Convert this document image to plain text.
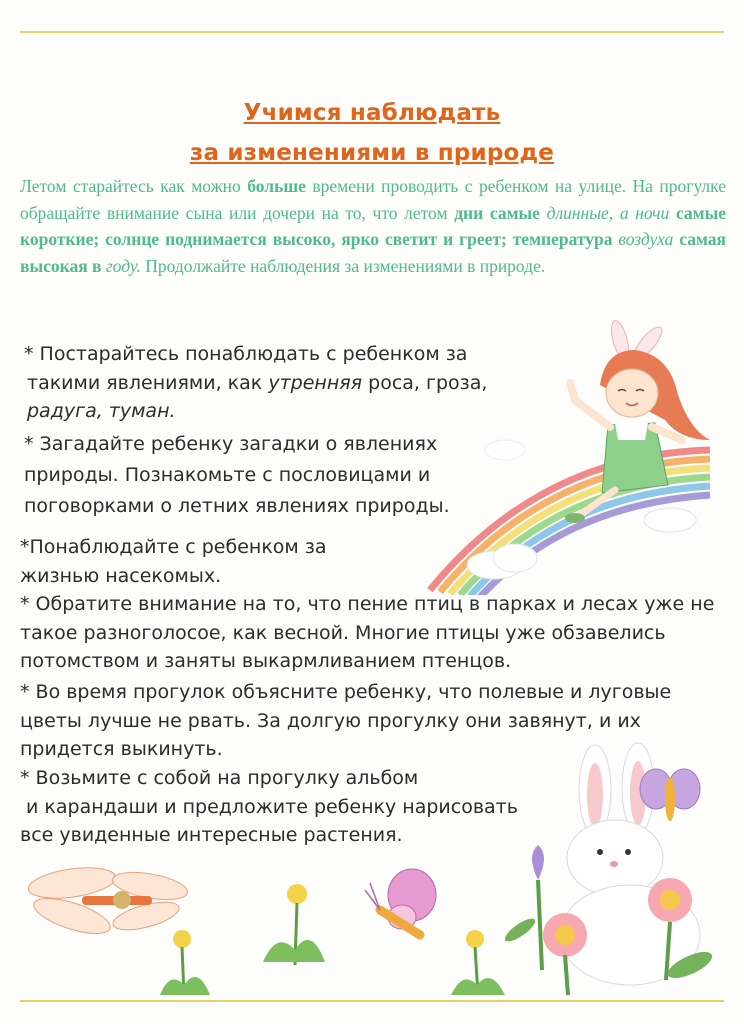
Учимся наблюдать
за изменениями в природе

Летом старайтесь как можно больше времени проводить с ребенком на улице. На прогулке обращайте внимание сына или дочери на то, что летом дни самые длинные, а ночи самые короткие; солнце поднимается высоко, ярко светит и греет; температура воздуха самая высокая в году. Продолжайте наблюдения за изменениями в природе.

* Постарайтесь понаблюдать с ребенком за
такими явлениями, как утренняя роса, гроза,
радуга, туман.

* Загадайте ребенку загадки о явлениях
природы. Познакомьте с пословицами и
поговорками о летних явлениях природы.

*Понаблюдайте с ребенком за
жизнью насекомых.

* Обратите внимание на то, что пение птиц в парках и лесах уже не
такое разноголосое, как весной. Многие птицы уже обзавелись
потомством и заняты выкармливанием птенцов.

* Во время прогулок объясните ребенку, что полевые и луговые
цветы лучше не рвать. За долгую прогулку они завянут, и их
придется выкинуть.

* Возьмите с собой на прогулку альбом
и карандаши и предложите ребенку нарисовать
все увиденные интересные растения.
